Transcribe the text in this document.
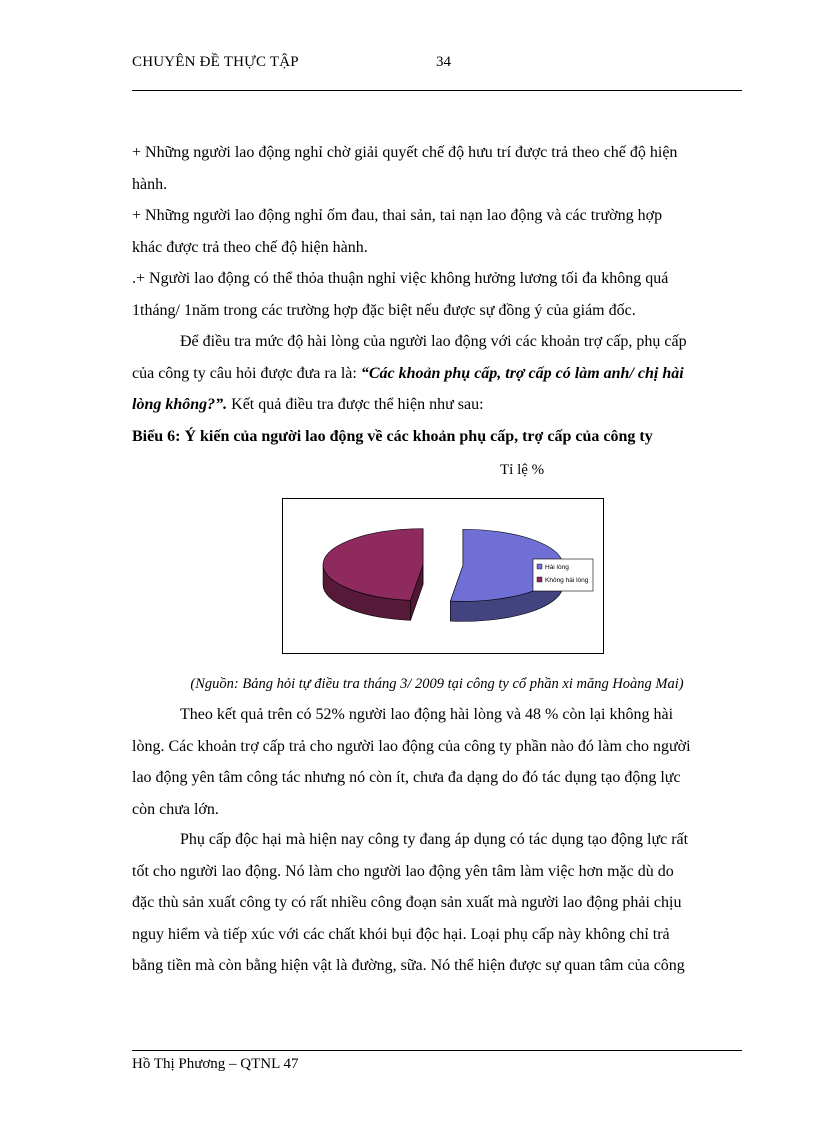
CHUYÊN ĐỀ THỰC TẬP	34
+ Những người lao động nghỉ chờ giải quyết chế độ hưu trí được trả theo chế độ hiện
hành.
+ Những người lao động nghỉ ốm đau, thai sản, tai nạn lao động và các trường hợp
khác được trả theo chế độ hiện hành.
.+ Người lao động có thể thỏa thuận nghỉ việc không hưởng lương tối đa không quá
1tháng/ 1năm trong các trường hợp đặc biệt nếu được sự đồng ý của giám đốc.
Để điều tra mức độ hài lòng của người lao động với các khoản trợ cấp, phụ cấp
của công ty câu hỏi được đưa ra là: “Các khoản phụ cấp, trợ cấp có làm anh/ chị hài
lòng không?”. Kết quả điều tra được thể hiện như sau:
Biểu 6: Ý kiến của người lao động về các khoản phụ cấp, trợ cấp của công ty
Tỉ lệ %
Hài lòng
Không hài lòng
(Nguồn: Bảng hỏi tự điều tra tháng 3/ 2009 tại công ty cổ phần xi măng Hoàng Mai)
Theo kết quả trên có 52% người lao động hài lòng và 48 % còn lại không hài
lòng. Các khoản trợ cấp trả cho người lao động của công ty phần nào đó làm cho người
lao động yên tâm công tác nhưng nó còn ít, chưa đa dạng do đó tác dụng tạo động lực
còn chưa lớn.
Phụ cấp độc hại mà hiện nay công ty đang áp dụng có tác dụng tạo động lực rất
tốt cho người lao động. Nó làm cho người lao động yên tâm làm việc hơn mặc dù do
đặc thù sản xuất công ty có rất nhiều công đoạn sản xuất mà người lao động phải chịu
nguy hiểm và tiếp xúc với các chất khói bụi độc hại. Loại phụ cấp này không chỉ trả
bằng tiền mà còn bằng hiện vật là đường, sữa. Nó thể hiện được sự quan tâm của công
Hồ Thị Phương – QTNL 47
